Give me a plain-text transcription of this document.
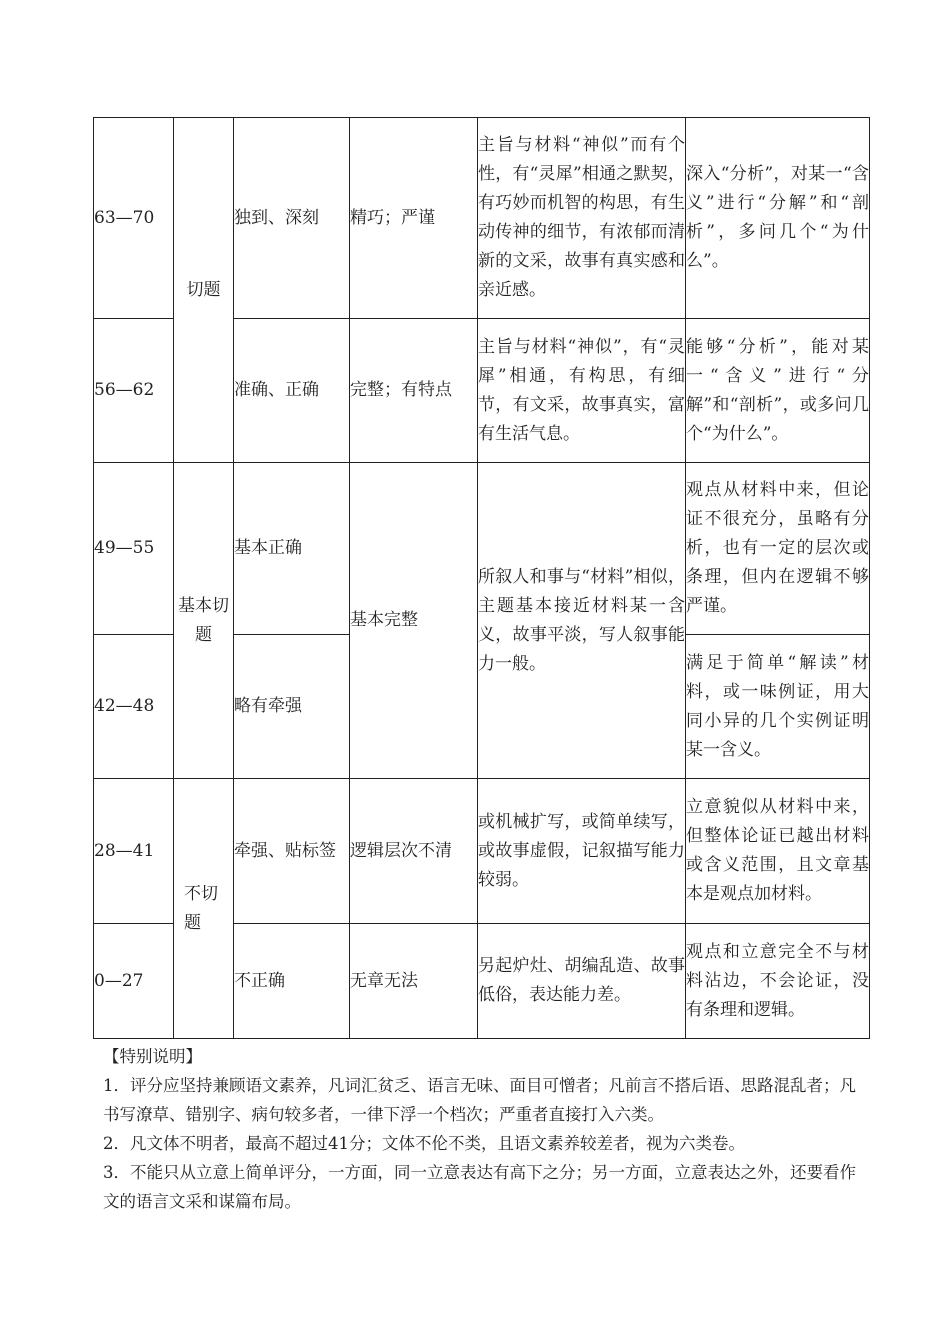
63—70	切题	独到、深刻	精巧；严谨	主旨与材料“神似”而有个性，有“灵犀”相通之默契，有巧妙而机智的构思，有生动传神的细节，有浓郁而清新的文采，故事有真实感和亲近感。	深入“分析”，对某一“含义”进行“分解”和“剖析”，多问几个“为什么”。
56—62		准确、正确	完整；有特点	主旨与材料“神似”，有“灵犀”相通，有构思，有细节，有文采，故事真实，富有生活气息。	能够“分析”，能对某一“含义”进行“分解”和“剖析”，或多问几个“为什么”。
49—55	基本切题	基本正确	基本完整	所叙人和事与“材料”相似，主题基本接近材料某一含义，故事平淡，写人叙事能力一般。	观点从材料中来，但论证不很充分，虽略有分析，也有一定的层次或条理，但内在逻辑不够严谨。
42—48		略有牵强			满足于简单“解读”材料，或一味例证，用大同小异的几个实例证明某一含义。
28—41	不切题	牵强、贴标签	逻辑层次不清	或机械扩写，或简单续写，或故事虚假，记叙描写能力较弱。	立意貌似从材料中来，但整体论证已越出材料或含义范围，且文章基本是观点加材料。
0—27		不正确	无章无法	另起炉灶、胡编乱造、故事低俗，表达能力差。	观点和立意完全不与材料沾边，不会论证，没有条理和逻辑。

【特别说明】

1．评分应坚持兼顾语文素养，凡词汇贫乏、语言无味、面目可憎者；凡前言不搭后语、思路混乱者；凡书写潦草、错别字、病句较多者，一律下浮一个档次；严重者直接打入六类。

2．凡文体不明者，最高不超过41分；文体不伦不类，且语文素养较差者，视为六类卷。

3．不能只从立意上简单评分，一方面，同一立意表达有高下之分；另一方面，立意表达之外，还要看作文的语言文采和谋篇布局。
